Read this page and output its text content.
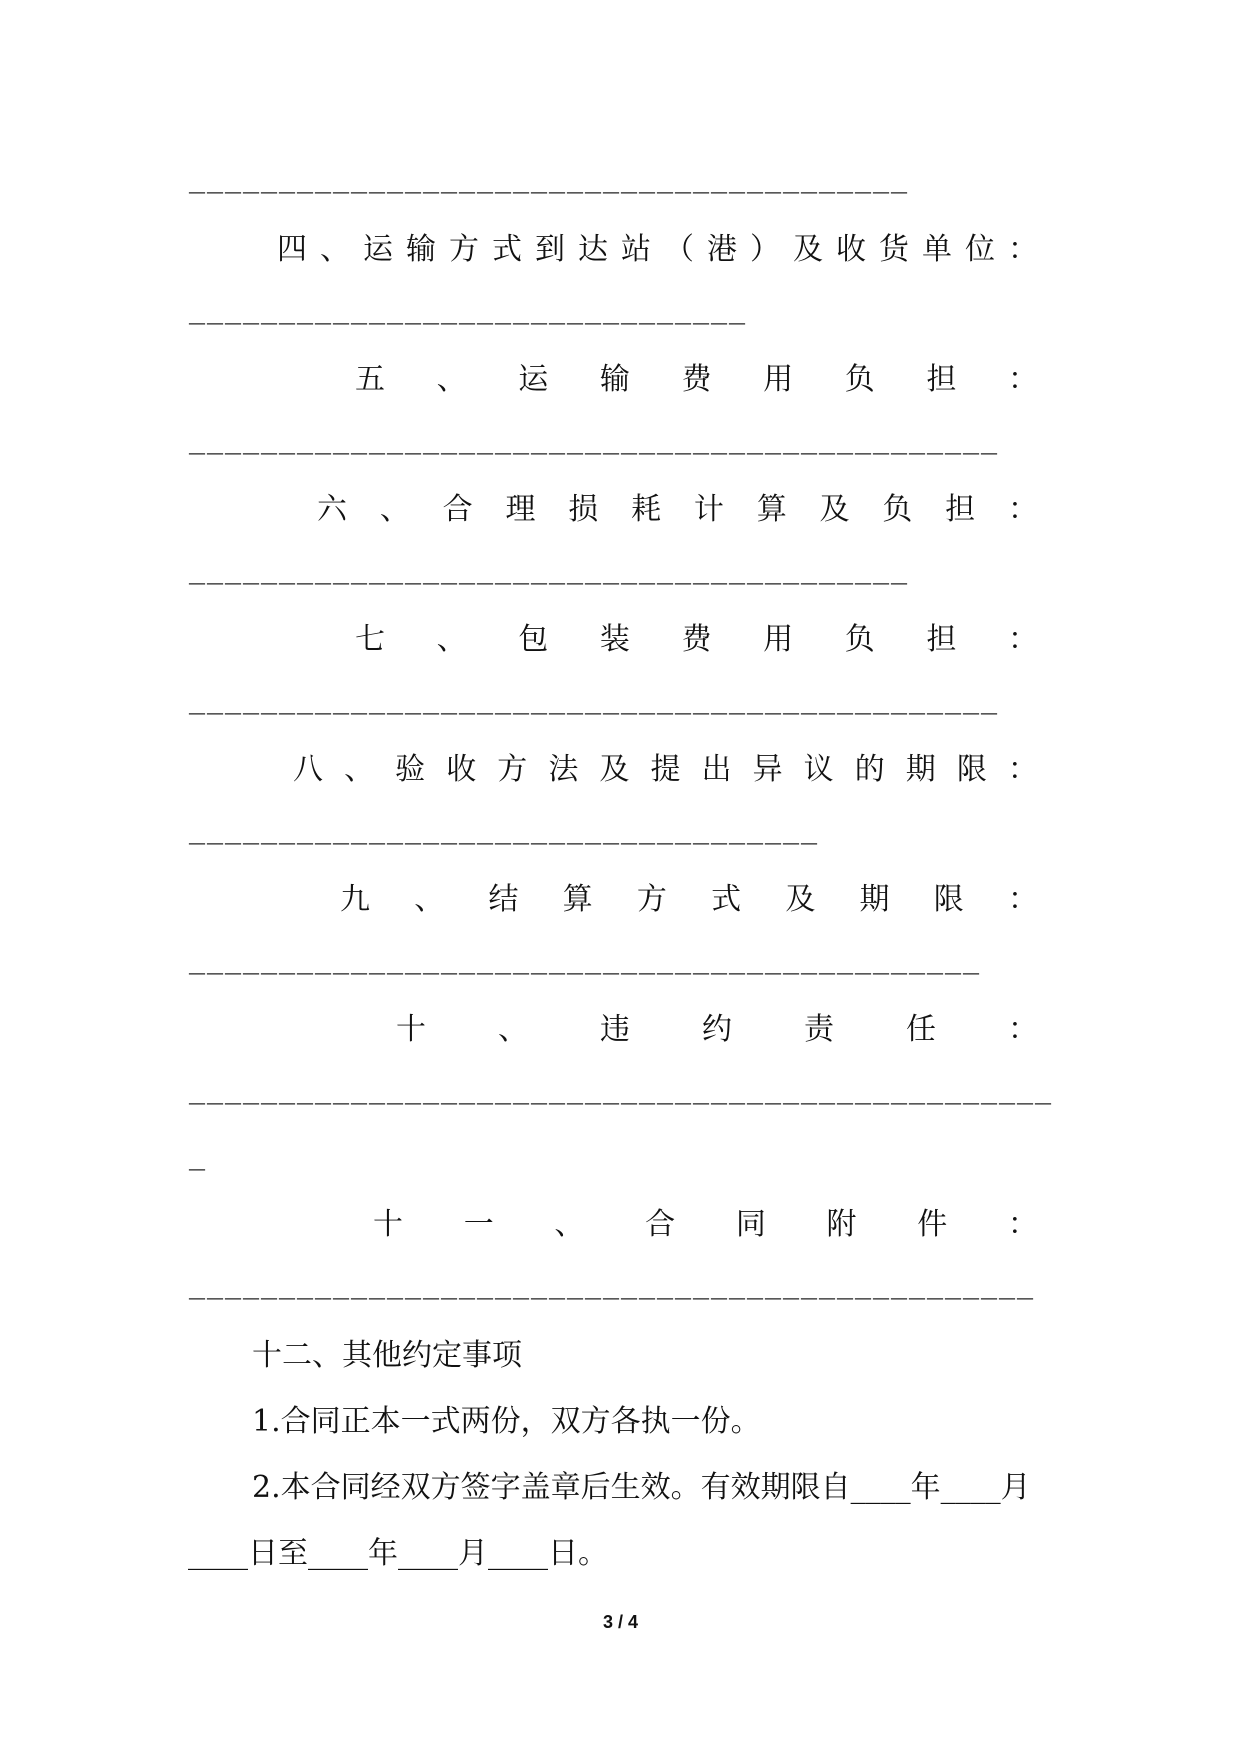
————————————————————————————————————————
四 、 运 输 方 式 到 达 站 （ 港 ） 及 收 货 单 位 ：
———————————————————————————————
五 、 运 输 费 用 负 担 ：
—————————————————————————————————————————————
六 、 合 理 损 耗 计 算 及 负 担 ：
————————————————————————————————————————
七 、 包 装 费 用 负 担 ：
—————————————————————————————————————————————
八 、 验 收 方 法 及 提 出 异 议 的 期 限 ：
———————————————————————————————————
九 、 结 算 方 式 及 期 限 ：
————————————————————————————————————————————
十 、 违 约 责 任 ：
————————————————————————————————————————————————
—
十 一 、 合 同 附 件 ：
———————————————————————————————————————————————
十二、其他约定事项
1.合同正本一式两份，双方各执一份。
2.本合同经双方签字盖章后生效。有效期限自____年____月
____日至____年____月____日。
3 / 4
